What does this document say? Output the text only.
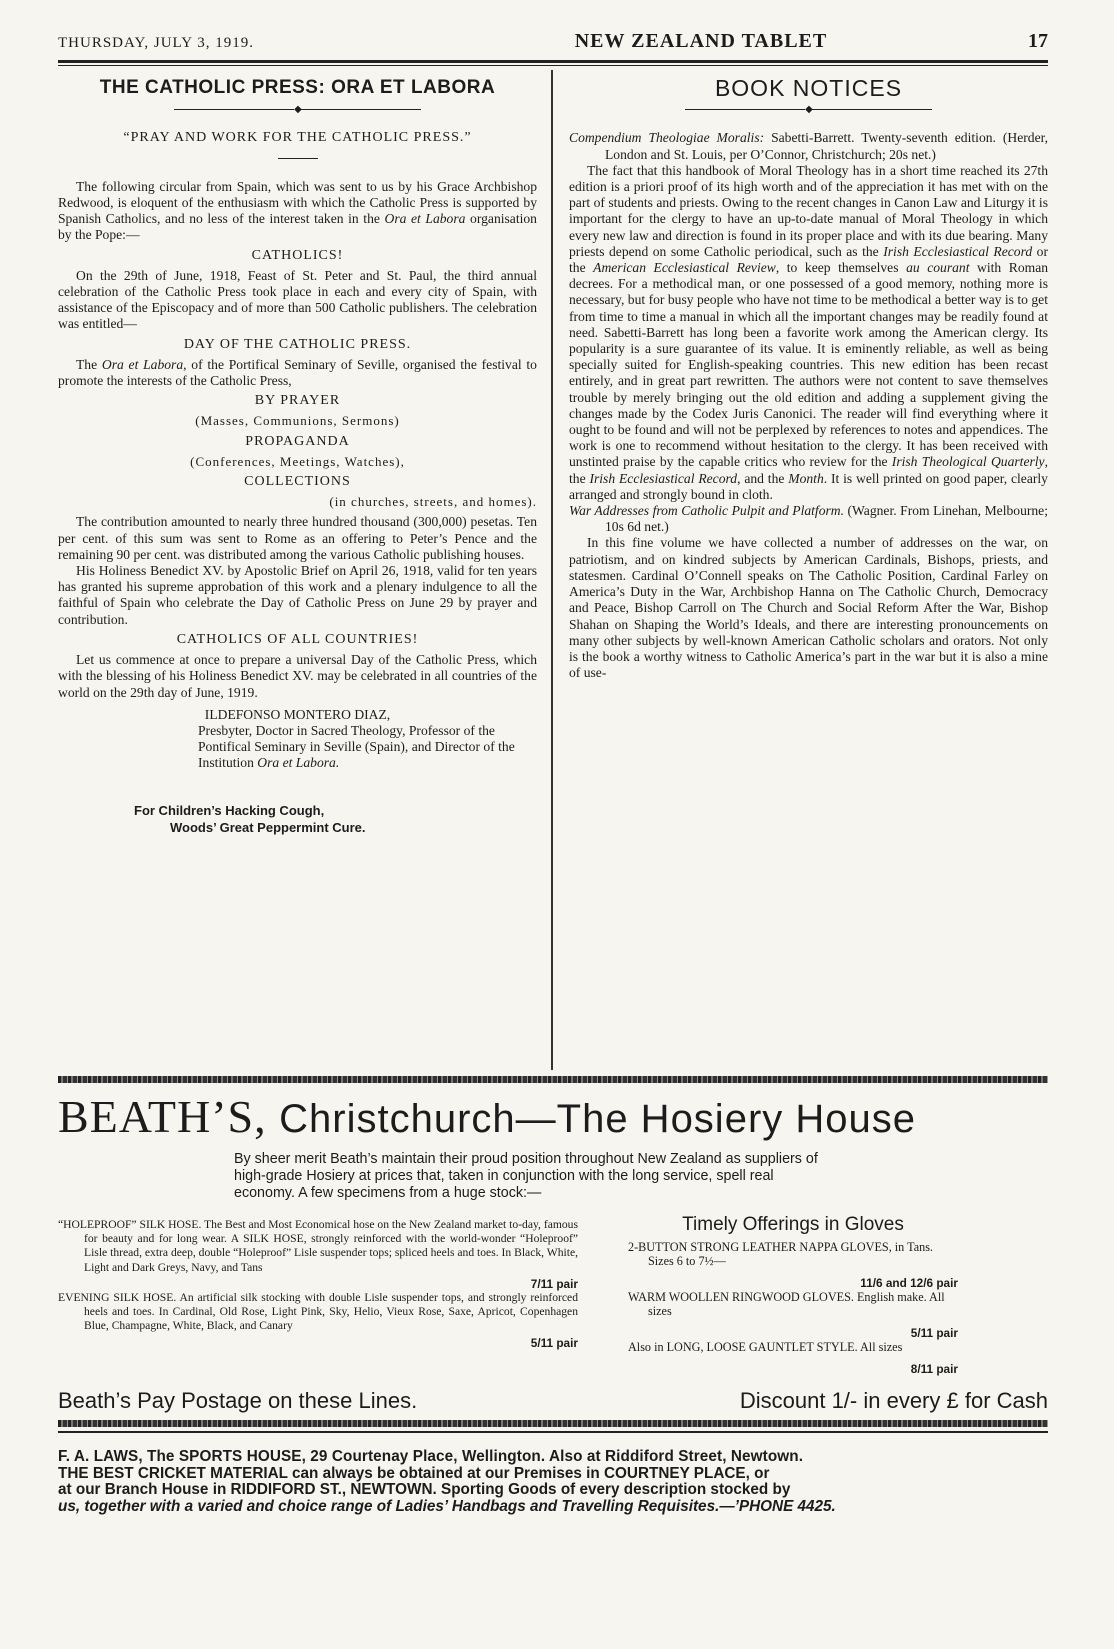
THURSDAY, JULY 3, 1919.	NEW ZEALAND TABLET	17
THE CATHOLIC PRESS: ORA ET LABORA
◆
“PRAY AND WORK FOR THE CATHOLIC PRESS.”

The following circular from Spain, which was sent to us by his Grace Archbishop Redwood, is eloquent of the enthusiasm with which the Catholic Press is supported by Spanish Catholics, and no less of the interest taken in the Ora et Labora organisation by the Pope:—

CATHOLICS!

On the 29th of June, 1918, Feast of St. Peter and St. Paul, the third annual celebration of the Catholic Press took place in each and every city of Spain, with assistance of the Episcopacy and of more than 500 Catholic publishers. The celebration was entitled—

DAY OF THE CATHOLIC PRESS.

The Ora et Labora, of the Portifical Seminary of Seville, organised the festival to promote the interests of the Catholic Press,

BY PRAYER
(Masses, Communions, Sermons)
PROPAGANDA
(Conferences, Meetings, Watches),
COLLECTIONS
(in churches, streets, and homes).

The contribution amounted to nearly three hundred thousand (300,000) pesetas. Ten per cent. of this sum was sent to Rome as an offering to Peter’s Pence and the remaining 90 per cent. was distributed among the various Catholic publishing houses.

His Holiness Benedict XV. by Apostolic Brief on April 26, 1918, valid for ten years has granted his supreme approbation of this work and a plenary indulgence to all the faithful of Spain who celebrate the Day of Catholic Press on June 29 by prayer and contribution.

CATHOLICS OF ALL COUNTRIES!

Let us commence at once to prepare a universal Day of the Catholic Press, which with the blessing of his Holiness Benedict XV. may be celebrated in all countries of the world on the 29th day of June, 1919.

ILDEFONSO MONTERO DIAZ,

Presbyter, Doctor in Sacred Theology, Professor of the Pontifical Seminary in Seville (Spain), and Director of the Institution Ora et Labora.

For Children’s Hacking Cough,
Woods’ Great Peppermint Cure.
BOOK NOTICES
◆

Compendium Theologiae Moralis: Sabetti-Barrett. Twenty-seventh edition. (Herder, London and St. Louis, per O’Connor, Christchurch; 20s net.)

The fact that this handbook of Moral Theology has in a short time reached its 27th edition is a priori proof of its high worth and of the appreciation it has met with on the part of students and priests. Owing to the recent changes in Canon Law and Liturgy it is important for the clergy to have an up-to-date manual of Moral Theology in which every new law and direction is found in its proper place and with its due bearing. Many priests depend on some Catholic periodical, such as the Irish Ecclesiastical Record or the American Ecclesiastical Review, to keep themselves au courant with Roman decrees. For a methodical man, or one possessed of a good memory, nothing more is necessary, but for busy people who have not time to be methodical a better way is to get from time to time a manual in which all the important changes may be readily found at need. Sabetti-Barrett has long been a favorite work among the American clergy. Its popularity is a sure guarantee of its value. It is eminently reliable, as well as being specially suited for English-speaking countries. This new edition has been recast entirely, and in great part rewritten. The authors were not content to save themselves trouble by merely bringing out the old edition and adding a supplement giving the changes made by the Codex Juris Canonici. The reader will find everything where it ought to be found and will not be perplexed by references to notes and appendices. The work is one to recommend without hesitation to the clergy. It has been received with unstinted praise by the capable critics who review for the Irish Theological Quarterly, the Irish Ecclesiastical Record, and the Month. It is well printed on good paper, clearly arranged and strongly bound in cloth.

War Addresses from Catholic Pulpit and Platform. (Wagner. From Linehan, Melbourne; 10s 6d net.)

In this fine volume we have collected a number of addresses on the war, on patriotism, and on kindred subjects by American Cardinals, Bishops, priests, and statesmen. Cardinal O’Connell speaks on The Catholic Position, Cardinal Farley on America’s Duty in the War, Archbishop Hanna on The Catholic Church, Democracy and Peace, Bishop Carroll on The Church and Social Reform After the War, Bishop Shahan on Shaping the World’s Ideals, and there are interesting pronouncements on many other subjects by well-known American Catholic scholars and orators. Not only is the book a worthy witness to Catholic America’s part in the war but it is also a mine of use-

BEATH’S, Christchurch—The Hosiery House
By sheer merit Beath’s maintain their proud position throughout New Zealand as suppliers of high-grade Hosiery at prices that, taken in conjunction with the long service, spell real economy. A few specimens from a huge stock:—
“HOLEPROOF” SILK HOSE. The Best and Most Economical hose on the New Zealand market to-day, famous for beauty and for long wear. A SILK HOSE, strongly reinforced with the world-wonder “Holeproof” Lisle thread, extra deep, double “Holeproof” Lisle suspender tops; spliced heels and toes. In Black, White, Light and Dark Greys, Navy, and Tans
7/11 pair
EVENING SILK HOSE. An artificial silk stocking with double Lisle suspender tops, and strongly reinforced heels and toes. In Cardinal, Old Rose, Light Pink, Sky, Helio, Vieux Rose, Saxe, Apricot, Copenhagen Blue, Champagne, White, Black, and Canary
5/11 pair
Timely Offerings in Gloves
2-BUTTON STRONG LEATHER NAPPA GLOVES, in Tans. Sizes 6 to 7½—
11/6 and 12/6 pair
WARM WOOLLEN RINGWOOD GLOVES. English make. All sizes
5/11 pair
Also in LONG, LOOSE GAUNTLET STYLE. All sizes
8/11 pair
Beath’s Pay Postage on these Lines.	Discount 1/- in every £ for Cash
F. A. LAWS, The SPORTS HOUSE, 29 Courtenay Place, Wellington. Also at Riddiford Street, Newtown.
THE BEST CRICKET MATERIAL can always be obtained at our Premises in COURTNEY PLACE, or
at our Branch House in RIDDIFORD ST., NEWTOWN. Sporting Goods of every description stocked by
us, together with a varied and choice range of Ladies’ Handbags and Travelling Requisites.—’PHONE 4425.
